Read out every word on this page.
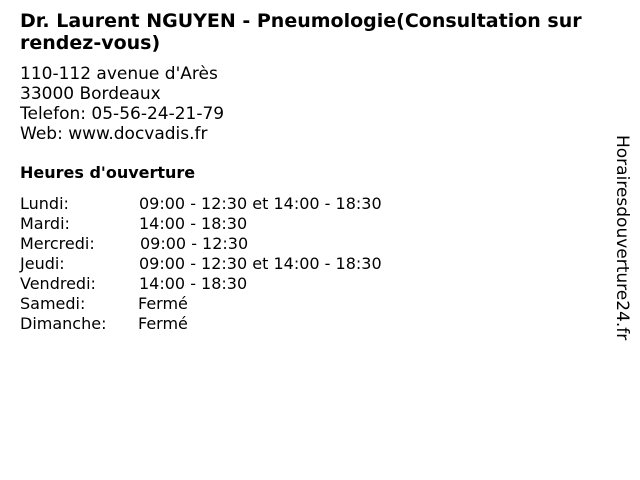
Dr. Laurent NGUYEN - Pneumologie(Consultation sur rendez-vous)
110-112 avenue d'Arès
33000 Bordeaux
Telefon: 05-56-24-21-79
Web: www.docvadis.fr
Heures d'ouverture
Lundi:	09:00 - 12:30 et 14:00 - 18:30
Mardi:	14:00 - 18:30
Mercredi:	09:00 - 12:30
Jeudi:	09:00 - 12:30 et 14:00 - 18:30
Vendredi:	14:00 - 18:30
Samedi:	Fermé
Dimanche: Fermé	Horairesdouverture24.fr
